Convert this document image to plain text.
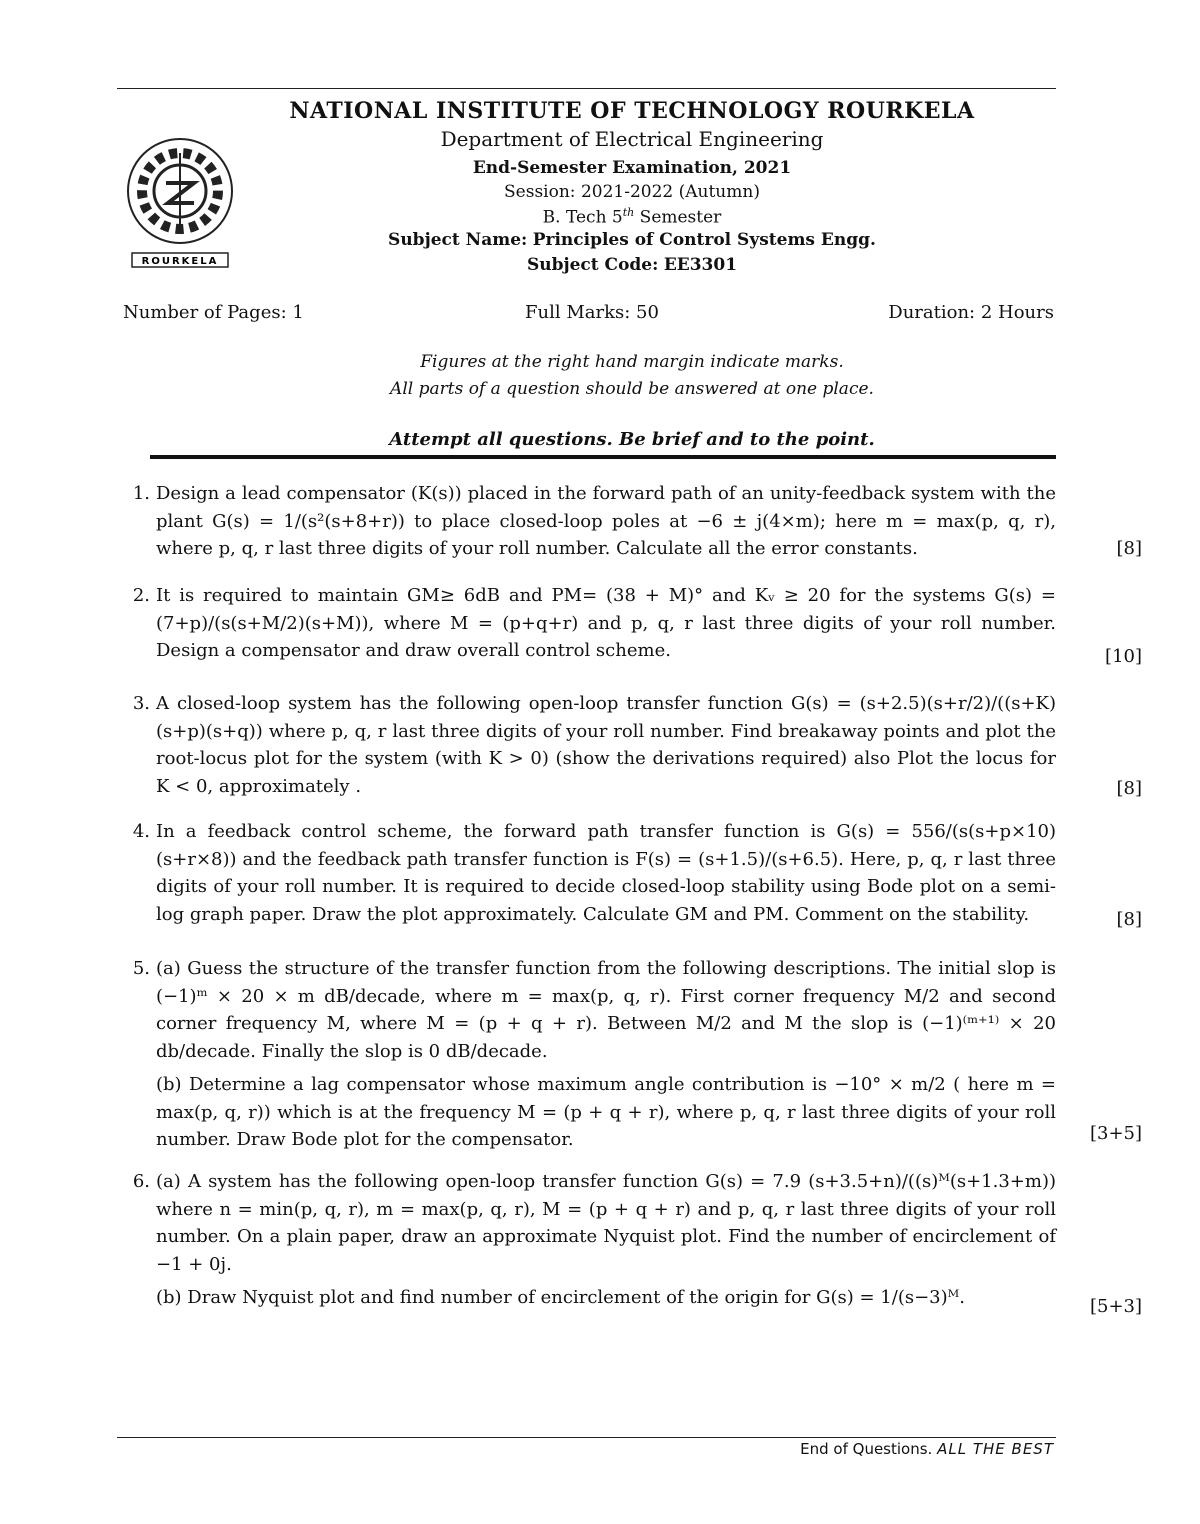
ROURKELA
NATIONAL INSTITUTE OF TECHNOLOGY ROURKELA
Department of Electrical Engineering
End-Semester Examination, 2021
Session: 2021-2022 (Autumn)
B. Tech 5th Semester
Subject Name: Principles of Control Systems Engg.
Subject Code: EE3301
Number of Pages: 1	Full Marks: 50	Duration: 2 Hours
Figures at the right hand margin indicate marks.
All parts of a question should be answered at one place.
Attempt all questions. Be brief and to the point.
1. Design a lead compensator (K(s)) placed in the forward path of an unity-feedback system with the plant G(s) = 1/(s²(s+8+r)) to place closed-loop poles at −6 ± j(4×m); here m = max(p, q, r), where p, q, r last three digits of your roll number. Calculate all the error constants.	[8]
2. It is required to maintain GM≥ 6dB and PM= (38 + M)° and Kᵥ ≥ 20 for the systems G(s) = (7+p)/(s(s+M/2)(s+M)), where M = (p+q+r) and p, q, r last three digits of your roll number. Design a compensator and draw overall control scheme.	[10]
3. A closed-loop system has the following open-loop transfer function G(s) = (s+2.5)(s+r/2)/((s+K)(s+p)(s+q)) where p, q, r last three digits of your roll number. Find breakaway points and plot the root-locus plot for the system (with K > 0) (show the derivations required) also Plot the locus for K < 0, approximately .	[8]
4. In a feedback control scheme, the forward path transfer function is G(s) = 556/(s(s+p×10)(s+r×8)) and the feedback path transfer function is F(s) = (s+1.5)/(s+6.5). Here, p, q, r last three digits of your roll number. It is required to decide closed-loop stability using Bode plot on a semi-log graph paper. Draw the plot approximately. Calculate GM and PM. Comment on the stability.	[8]
5. (a) Guess the structure of the transfer function from the following descriptions. The initial slop is (−1)ᵐ × 20 × m dB/decade, where m = max(p, q, r). First corner frequency M/2 and second corner frequency M, where M = (p + q + r). Between M/2 and M the slop is (−1)⁽ᵐ⁺¹⁾ × 20 db/decade. Finally the slop is 0 dB/decade.
(b) Determine a lag compensator whose maximum angle contribution is −10° × m/2 ( here m = max(p, q, r)) which is at the frequency M = (p + q + r), where p, q, r last three digits of your roll number. Draw Bode plot for the compensator.	[3+5]
6. (a) A system has the following open-loop transfer function G(s) = 7.9 (s+3.5+n)/((s)ᴹ(s+1.3+m)) where n = min(p, q, r), m = max(p, q, r), M = (p + q + r) and p, q, r last three digits of your roll number. On a plain paper, draw an approximate Nyquist plot. Find the number of encirclement of −1 + 0j.
(b) Draw Nyquist plot and find number of encirclement of the origin for G(s) = 1/(s−3)ᴹ.	[5+3]
End of Questions. ALL THE BEST
